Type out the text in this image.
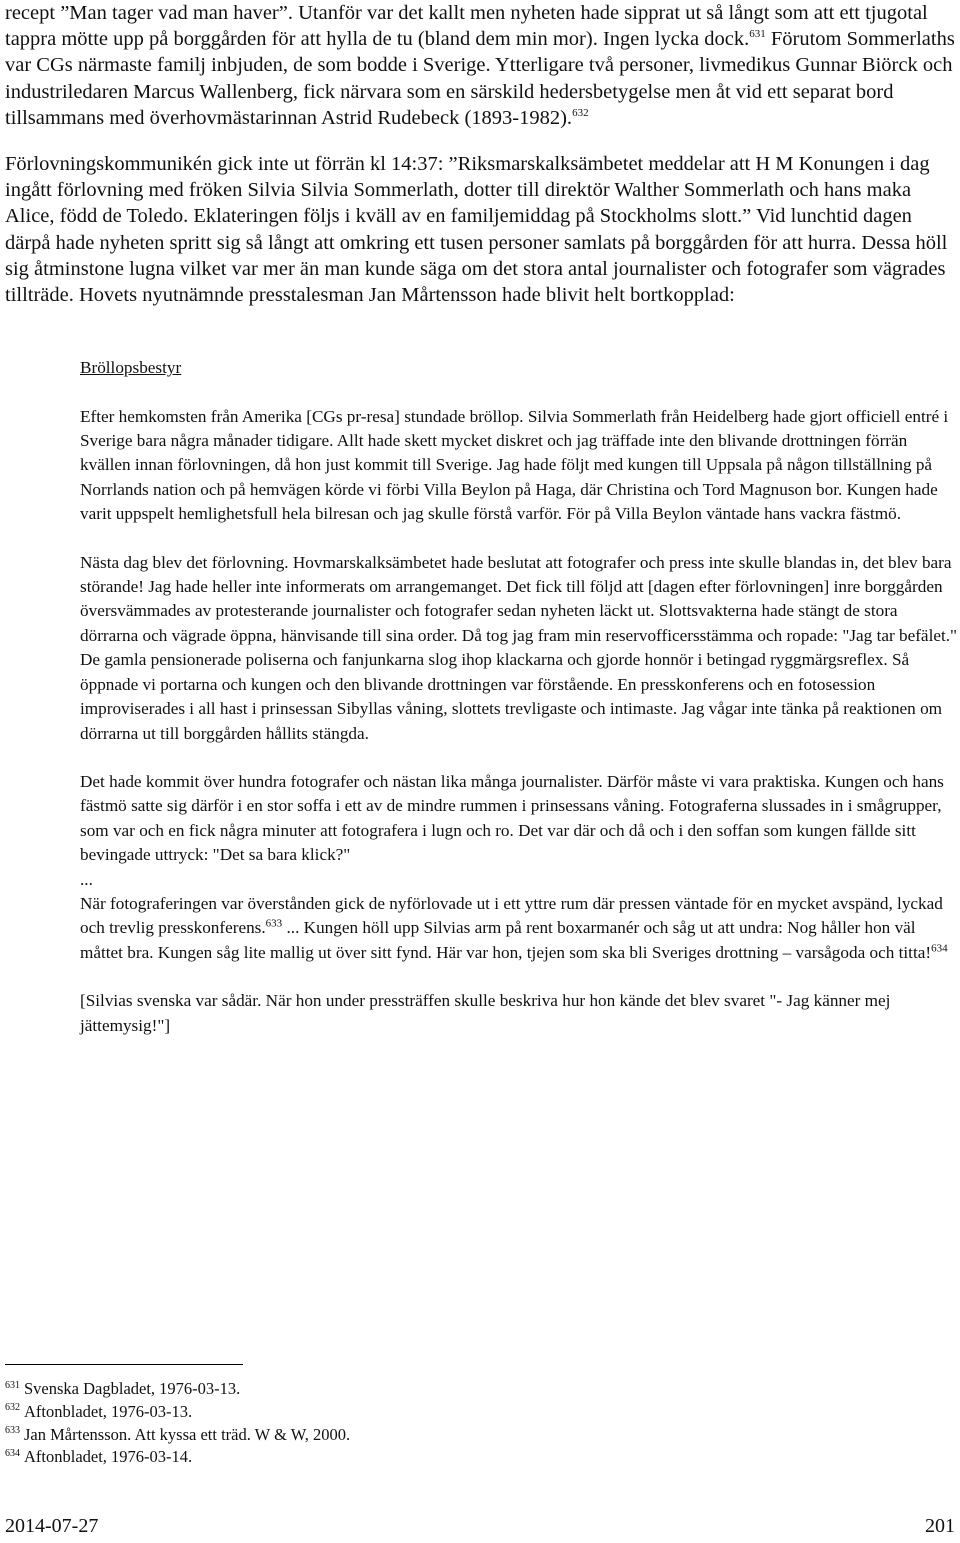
recept ”Man tager vad man haver”. Utanför var det kallt men nyheten hade sipprat ut så långt som att ett tjugotal tappra mötte upp på borggården för att hylla de tu (bland dem min mor). Ingen lycka dock.$^{631}$ Förutom Sommerlaths var CGs närmaste familj inbjuden, de som bodde i Sverige. Ytterligare två personer, livmedikus Gunnar Biörck och industriledaren Marcus Wallenberg, fick närvara som en särskild hedersbetygelse men åt vid ett separat bord tillsammans med överhovmästarinnan Astrid Rudebeck (1893-1982).$^{632}$

Förlovningskommunikén gick inte ut förrän kl 14:37: ”Riksmarskalksämbetet meddelar att H M Konungen i dag ingått förlovning med fröken Silvia Silvia Sommerlath, dotter till direktör Walther Sommerlath och hans maka Alice, född de Toledo. Eklateringen följs i kväll av en familjemiddag på Stockholms slott.” Vid lunchtid dagen därpå hade nyheten spritt sig så långt att omkring ett tusen personer samlats på borggården för att hurra. Dessa höll sig åtminstone lugna vilket var mer än man kunde säga om det stora antal journalister och fotografer som vägrades tillträde. Hovets nyutnämnde presstalesman Jan Mårtensson hade blivit helt bortkopplad:

Bröllopsbestyr

Efter hemkomsten från Amerika [CGs pr-resa] stundade bröllop. Silvia Sommerlath från Heidelberg hade gjort officiell entré i Sverige bara några månader tidigare. Allt hade skett mycket diskret och jag träffade inte den blivande drottningen förrän kvällen innan förlovningen, då hon just kommit till Sverige. Jag hade följt med kungen till Uppsala på någon tillställning på Norrlands nation och på hemvägen körde vi förbi Villa Beylon på Haga, där Christina och Tord Magnuson bor. Kungen hade varit uppspelt hemlighetsfull hela bilresan och jag skulle förstå varför. För på Villa Beylon väntade hans vackra fästmö.

Nästa dag blev det förlovning. Hovmarskalksämbetet hade beslutat att fotografer och press inte skulle blandas in, det blev bara störande! Jag hade heller inte informerats om arrangemanget. Det fick till följd att [dagen efter förlovningen] inre borggården översvämmades av protesterande journalister och fotografer sedan nyheten läckt ut. Slottsvakterna hade stängt de stora dörrarna och vägrade öppna, hänvisande till sina order. Då tog jag fram min reservofficersstämma och ropade: "Jag tar befälet." De gamla pensionerade poliserna och fanjunkarna slog ihop klackarna och gjorde honnör i betingad ryggmärgsreflex. Så öppnade vi portarna och kungen och den blivande drottningen var förstående. En presskonferens och en fotosession improviserades i all hast i prinsessan Sibyllas våning, slottets trevligaste och intimaste. Jag vågar inte tänka på reaktionen om dörrarna ut till borggården hållits stängda.

Det hade kommit över hundra fotografer och nästan lika många journalister. Därför måste vi vara praktiska. Kungen och hans fästmö satte sig därför i en stor soffa i ett av de mindre rummen i prinsessans våning. Fotograferna slussades in i smågrupper, som var och en fick några minuter att fotografera i lugn och ro. Det var där och då och i den soffan som kungen fällde sitt bevingade uttryck: "Det sa bara klick?"

...

När fotograferingen var överstånden gick de nyförlovade ut i ett yttre rum där pressen väntade för en mycket avspänd, lyckad och trevlig presskonferens.$^{633}$ ... Kungen höll upp Silvias arm på rent boxarmanér och såg ut att undra: Nog håller hon väl måttet bra. Kungen såg lite mallig ut över sitt fynd. Här var hon, tjejen som ska bli Sveriges drottning – varsågoda och titta!$^{634}$

[Silvias svenska var sådär. När hon under pressträffen skulle beskriva hur hon kände det blev svaret "- Jag känner mej jättemysig!"]

$^{631}$ Svenska Dagbladet, 1976-03-13.
$^{632}$ Aftonbladet, 1976-03-13.
$^{633}$ Jan Mårtensson. Att kyssa ett träd. W & W, 2000.
$^{634}$ Aftonbladet, 1976-03-14.
2014-07-27	201
